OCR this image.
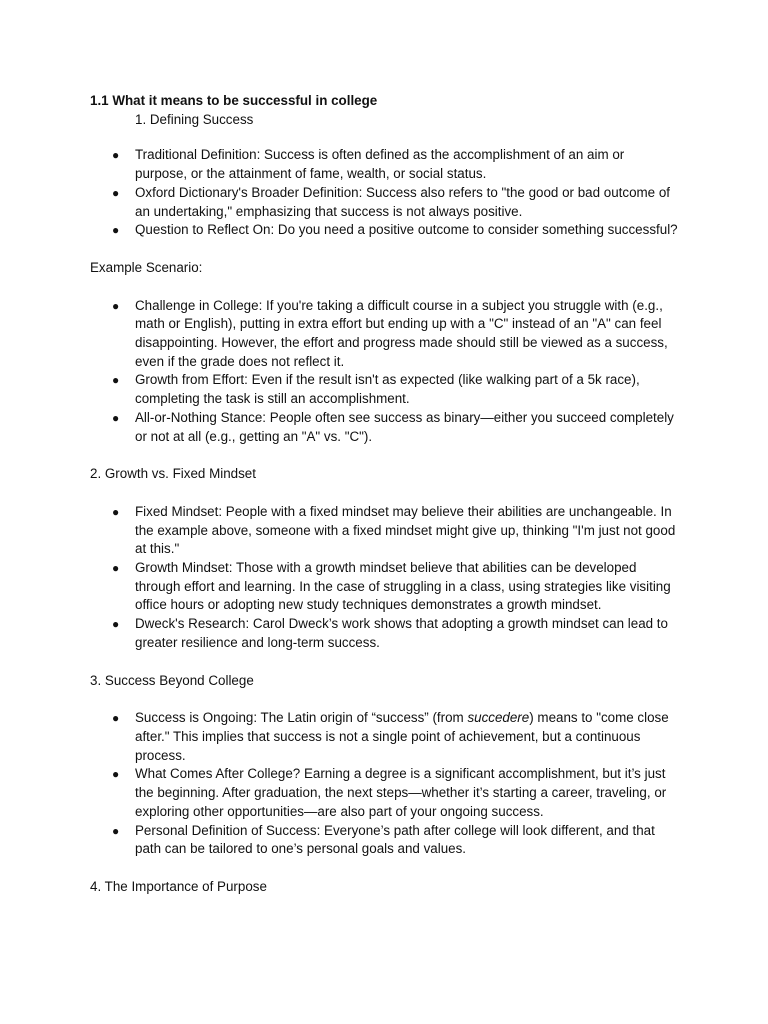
1.1 What it means to be successful in college

1. Defining Success

● Traditional Definition: Success is often defined as the accomplishment of an aim or purpose, or the attainment of fame, wealth, or social status.
● Oxford Dictionary's Broader Definition: Success also refers to "the good or bad outcome of an undertaking," emphasizing that success is not always positive.
● Question to Reflect On: Do you need a positive outcome to consider something successful?

Example Scenario:

● Challenge in College: If you're taking a difficult course in a subject you struggle with (e.g., math or English), putting in extra effort but ending up with a "C" instead of an "A" can feel disappointing. However, the effort and progress made should still be viewed as a success, even if the grade does not reflect it.
● Growth from Effort: Even if the result isn't as expected (like walking part of a 5k race), completing the task is still an accomplishment.
● All-or-Nothing Stance: People often see success as binary—either you succeed completely or not at all (e.g., getting an "A" vs. "C").

2. Growth vs. Fixed Mindset

● Fixed Mindset: People with a fixed mindset may believe their abilities are unchangeable. In the example above, someone with a fixed mindset might give up, thinking "I'm just not good at this."
● Growth Mindset: Those with a growth mindset believe that abilities can be developed through effort and learning. In the case of struggling in a class, using strategies like visiting office hours or adopting new study techniques demonstrates a growth mindset.
● Dweck's Research: Carol Dweck’s work shows that adopting a growth mindset can lead to greater resilience and long-term success.

3. Success Beyond College

● Success is Ongoing: The Latin origin of “success” (from succedere) means to "come close after." This implies that success is not a single point of achievement, but a continuous process.
● What Comes After College? Earning a degree is a significant accomplishment, but it’s just the beginning. After graduation, the next steps—whether it’s starting a career, traveling, or exploring other opportunities—are also part of your ongoing success.
● Personal Definition of Success: Everyone’s path after college will look different, and that path can be tailored to one’s personal goals and values.

4. The Importance of Purpose
